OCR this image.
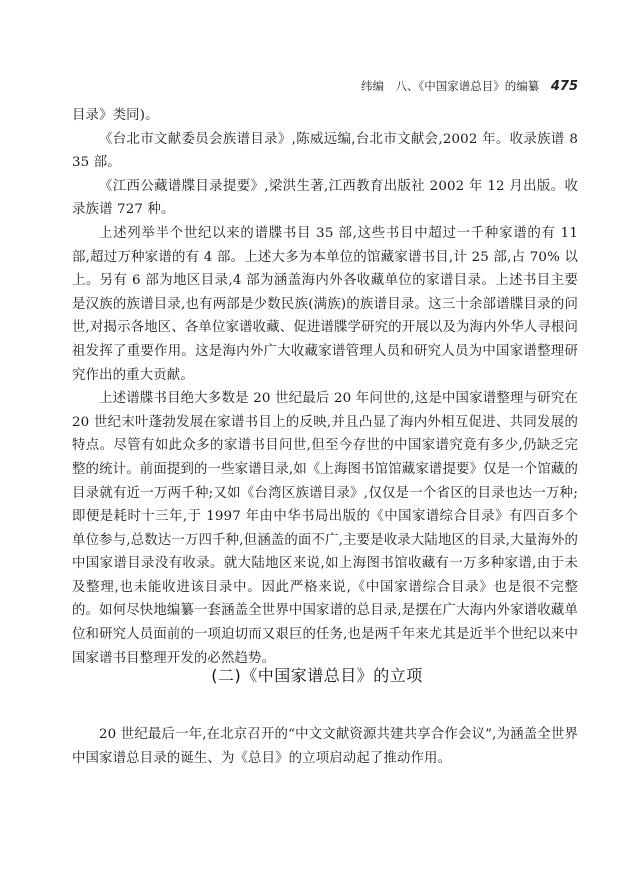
纬编　八、《中国家谱总目》的编纂 475

目录》类同)。

《台北市文献委员会族谱目录》,陈威远编,台北市文献会,2002 年。收录族谱 835 部。

《江西公藏谱牒目录提要》,梁洪生著,江西教育出版社 2002 年 12 月出版。收录族谱 727 种。

上述列举半个世纪以来的谱牒书目 35 部,这些书目中超过一千种家谱的有 11 部,超过万种家谱的有 4 部。上述大多为本单位的馆藏家谱书目,计 25 部,占 70% 以上。另有 6 部为地区目录,4 部为涵盖海内外各收藏单位的家谱目录。上述书目主要是汉族的族谱目录,也有两部是少数民族(满族)的族谱目录。这三十余部谱牒目录的问世,对揭示各地区、各单位家谱收藏、促进谱牒学研究的开展以及为海内外华人寻根问祖发挥了重要作用。这是海内外广大收藏家谱管理人员和研究人员为中国家谱整理研究作出的重大贡献。

上述谱牒书目绝大多数是 20 世纪最后 20 年问世的,这是中国家谱整理与研究在 20 世纪末叶蓬勃发展在家谱书目上的反映,并且凸显了海内外相互促进、共同发展的特点。尽管有如此众多的家谱书目问世,但至今存世的中国家谱究竟有多少,仍缺乏完整的统计。前面提到的一些家谱目录,如《上海图书馆馆藏家谱提要》仅是一个馆藏的目录就有近一万两千种;又如《台湾区族谱目录》,仅仅是一个省区的目录也达一万种;即便是耗时十三年,于 1997 年由中华书局出版的《中国家谱综合目录》有四百多个单位参与,总数达一万四千种,但涵盖的面不广,主要是收录大陆地区的目录,大量海外的中国家谱目录没有收录。就大陆地区来说,如上海图书馆收藏有一万多种家谱,由于未及整理,也未能收进该目录中。因此严格来说,《中国家谱综合目录》也是很不完整的。如何尽快地编纂一套涵盖全世界中国家谱的总目录,是摆在广大海内外家谱收藏单位和研究人员面前的一项迫切而又艰巨的任务,也是两千年来尤其是近半个世纪以来中国家谱书目整理开发的必然趋势。

(二)《中国家谱总目》的立项

20 世纪最后一年,在北京召开的“中文文献资源共建共享合作会议”,为涵盖全世界中国家谱总目录的诞生、为《总目》的立项启动起了推动作用。
